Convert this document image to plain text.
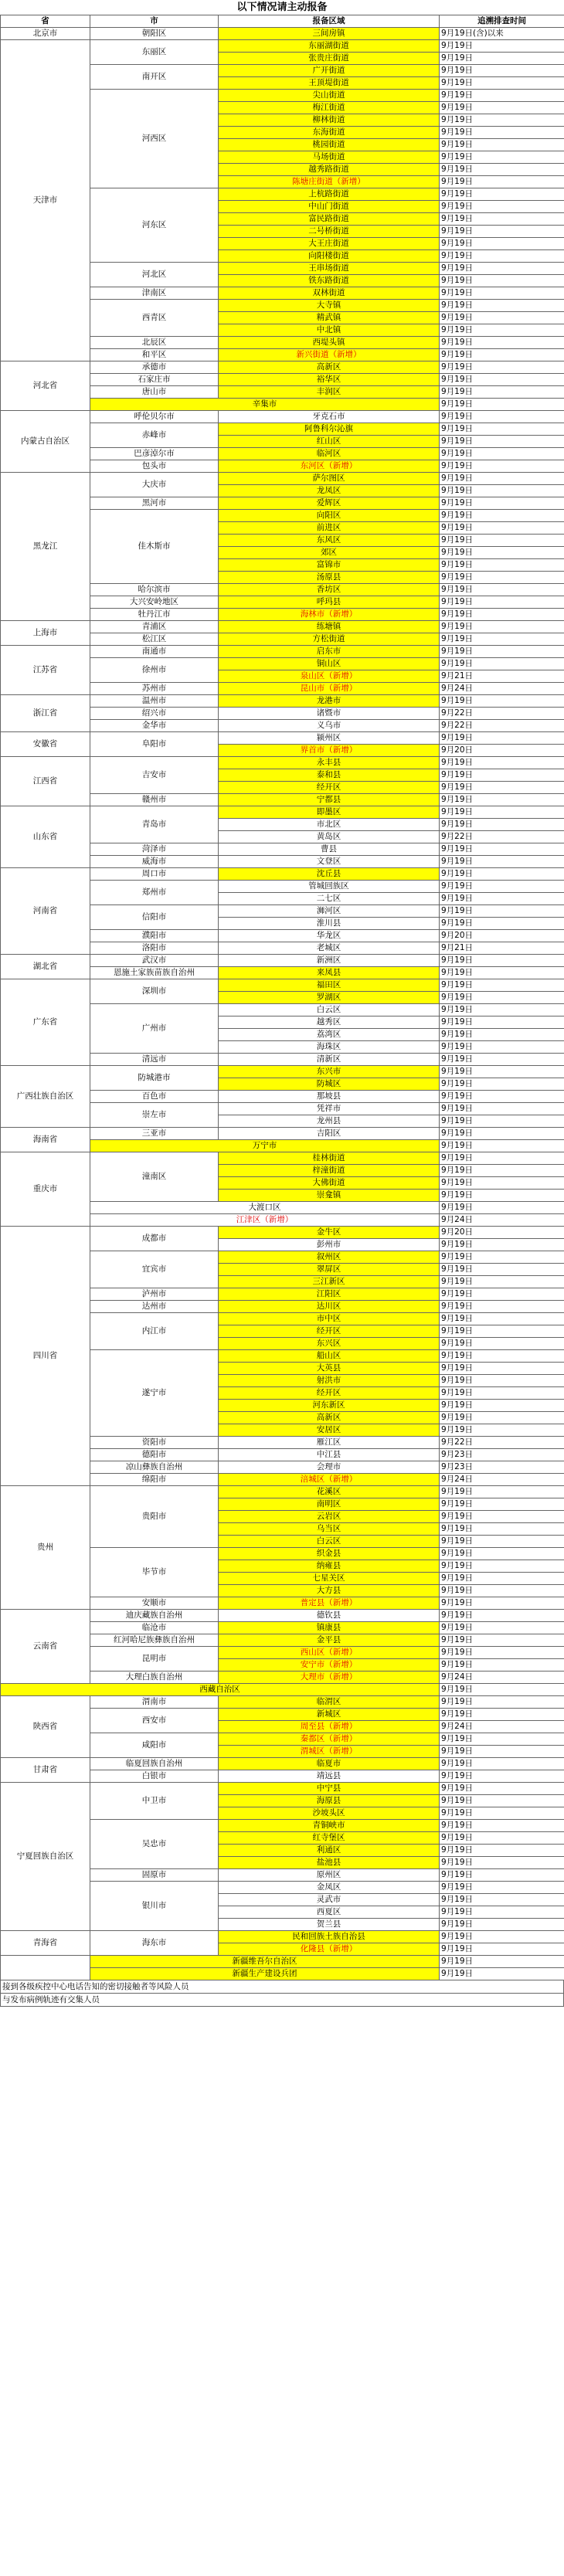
以下情况请主动报备
省	市	报备区域	追溯排查时间
北京市	朝阳区	三间房镇	9月19日(含)以来
天津市	东丽区	东丽湖街道	9月19日
		张贵庄街道	9月19日
	南开区	广开街道	9月19日
		王顶堤街道	9月19日
	河西区	尖山街道	9月19日
		梅江街道	9月19日
		柳林街道	9月19日
		东海街道	9月19日
		桃园街道	9月19日
		马场街道	9月19日
		越秀路街道	9月19日
		陈塘庄街道（新增）	9月19日
	河东区	上杭路街道	9月19日
		中山门街道	9月19日
		富民路街道	9月19日
		二号桥街道	9月19日
		大王庄街道	9月19日
		向阳楼街道	9月19日
	河北区	王串场街道	9月19日
		铁东路街道	9月19日
	津南区	双林街道	9月19日
	西青区	大寺镇	9月19日
		精武镇	9月19日
		中北镇	9月19日
	北辰区	西堤头镇	9月19日
	和平区	新兴街道（新增）	9月19日
河北省	承德市	高新区	9月19日
	石家庄市	裕华区	9月19日
	唐山市	丰润区	9月19日
	辛集市		9月19日
内蒙古自治区	呼伦贝尔市	牙克石市	9月19日
	赤峰市	阿鲁科尔沁旗	9月19日
		红山区	9月19日
	巴彦淖尔市	临河区	9月19日
	包头市	东河区（新增）	9月19日
黑龙江	大庆市	萨尔图区	9月19日
		龙凤区	9月19日
	黑河市	爱辉区	9月19日
	佳木斯市	向阳区	9月19日
		前进区	9月19日
		东风区	9月19日
		郊区	9月19日
		富锦市	9月19日
		汤原县	9月19日
	哈尔滨市	香坊区	9月19日
	大兴安岭地区	呼玛县	9月19日
	牡丹江市	海林市（新增）	9月19日
上海市	青浦区	练塘镇	9月19日
	松江区	方松街道	9月19日
江苏省	南通市	启东市	9月19日
	徐州市	铜山区	9月19日
		泉山区（新增）	9月21日
	苏州市	昆山市（新增）	9月24日
浙江省	温州市	龙港市	9月19日
	绍兴市	诸暨市	9月22日
	金华市	义乌市	9月22日
安徽省	阜阳市	颍州区	9月19日
		界首市（新增）	9月20日
江西省	吉安市	永丰县	9月19日
		泰和县	9月19日
		经开区	9月19日
	赣州市	宁都县	9月19日
山东省	青岛市	即墨区	9月19日
		市北区	9月19日
		黄岛区	9月22日
	菏泽市	曹县	9月19日
	威海市	文登区	9月19日
河南省	周口市	沈丘县	9月19日
	郑州市	管城回族区	9月19日
		二七区	9月19日
	信阳市	浉河区	9月19日
		淮川县	9月19日
	濮阳市	华龙区	9月20日
	洛阳市	老城区	9月21日
湖北省	武汉市	新洲区	9月19日
	恩施土家族苗族自治州	来凤县	9月19日
广东省	深圳市	福田区	9月19日
		罗湖区	9月19日
	广州市	白云区	9月19日
		越秀区	9月19日
		荔湾区	9月19日
		海珠区	9月19日
	清远市	清新区	9月19日
广西壮族自治区	防城港市	东兴市	9月19日
		防城区	9月19日
	百色市	那坡县	9月19日
	崇左市	凭祥市	9月19日
		龙州县	9月19日
海南省	三亚市	吉阳区	9月19日
	万宁市		9月19日
重庆市	潼南区	桂林街道	9月19日
		梓潼街道	9月19日
		大佛街道	9月19日
		崇龛镇	9月19日
	大渡口区		9月19日
	江津区（新增）		9月24日
四川省	成都市	金牛区	9月20日
		彭州市	9月19日
	宜宾市	叙州区	9月19日
		翠屏区	9月19日
		三江新区	9月19日
	泸州市	江阳区	9月19日
	达州市	达川区	9月19日
	内江市	市中区	9月19日
		经开区	9月19日
		东兴区	9月19日
	遂宁市	船山区	9月19日
		大英县	9月19日
		射洪市	9月19日
		经开区	9月19日
		河东新区	9月19日
		高新区	9月19日
		安居区	9月19日
	资阳市	雁江区	9月22日
	德阳市	中江县	9月23日
	凉山彝族自治州	会理市	9月23日
	绵阳市	涪城区（新增）	9月24日
贵州	贵阳市	花溪区	9月19日
		南明区	9月19日
		云岩区	9月19日
		乌当区	9月19日
		白云区	9月19日
	毕节市	织金县	9月19日
		纳雍县	9月19日
		七星关区	9月19日
		大方县	9月19日
	安顺市	普定县（新增）	9月19日
云南省	迪庆藏族自治州	德钦县	9月19日
	临沧市	镇康县	9月19日
	红河哈尼族彝族自治州	金平县	9月19日
	昆明市	西山区（新增）	9月19日
		安宁市（新增）	9月19日
	大理白族自治州	大理市（新增）	9月24日
西藏自治区			9月19日
陕西省	渭南市	临渭区	9月19日
	西安市	新城区	9月19日
		周至县（新增）	9月24日
	咸阳市	秦都区（新增）	9月19日
		渭城区（新增）	9月19日
甘肃省	临夏回族自治州	临夏市	9月19日
	白银市	靖远县	9月19日
宁夏回族自治区	中卫市	中宁县	9月19日
		海原县	9月19日
		沙坡头区	9月19日
	吴忠市	青铜峡市	9月19日
		红寺堡区	9月19日
		利通区	9月19日
		盐池县	9月19日
	固原市	原州区	9月19日
	银川市	金凤区	9月19日
		灵武市	9月19日
		西夏区	9月19日
		贺兰县	9月19日
青海省	海东市	民和回族土族自治县	9月19日
		化隆县（新增）	9月19日
	新疆维吾尔自治区		9月19日
	新疆生产建设兵团		9月19日
接到各级疾控中心电话告知的密切接触者等风险人员
与发布病例轨迹有交集人员
